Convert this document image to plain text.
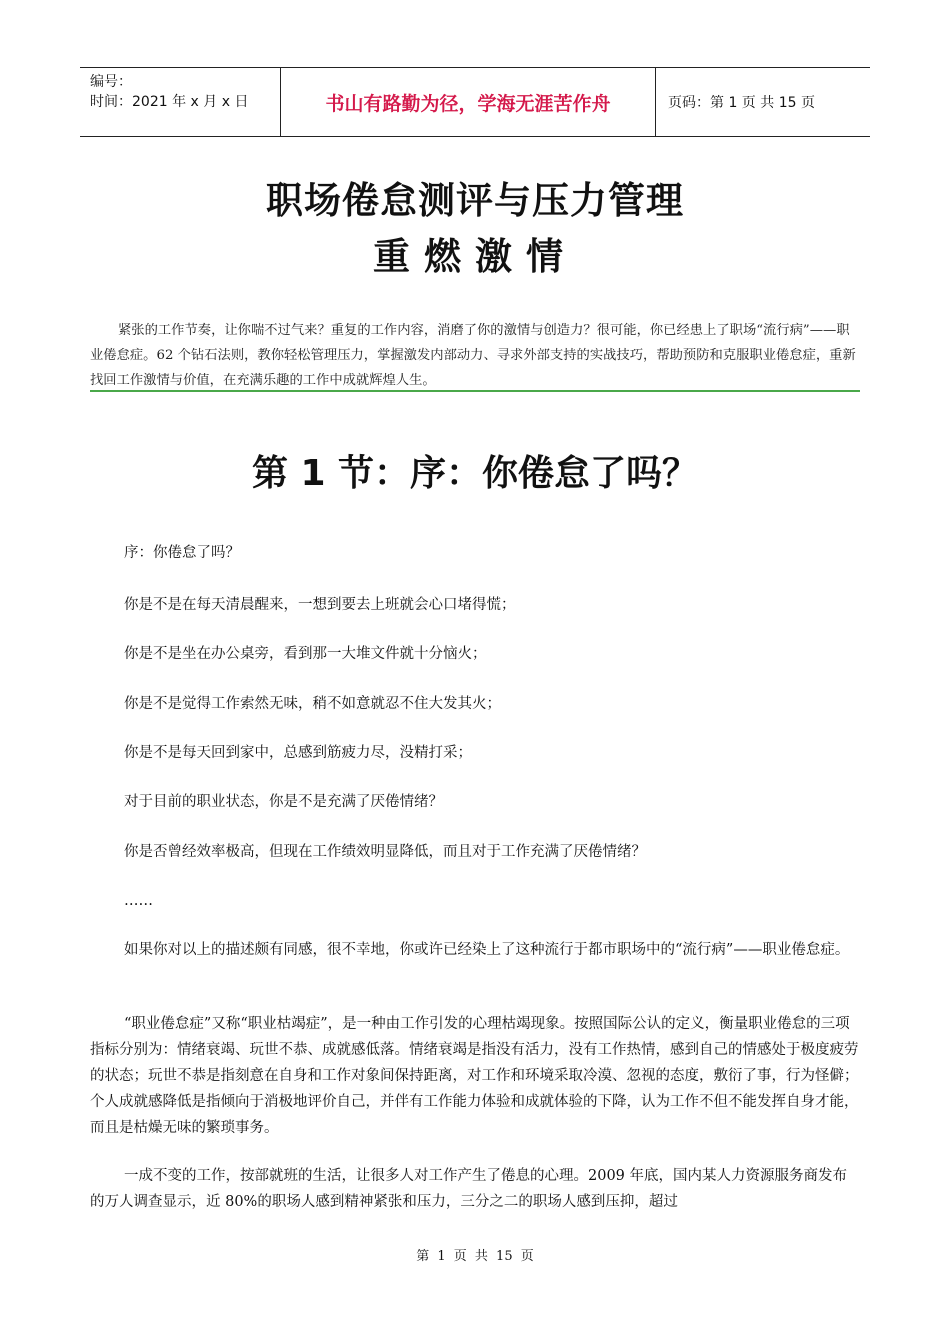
编号：
时间：2021 年 x 月 x 日	书山有路勤为径，学海无涯苦作舟	页码：第 1 页 共 15 页
职场倦怠测评与压力管理
重燃激情
紧张的工作节奏，让你喘不过气来？重复的工作内容，消磨了你的激情与创造力？很可能，你已经患上了职场“流行病”——职业倦怠症。62 个钻石法则，教你轻松管理压力，掌握激发内部动力、寻求外部支持的实战技巧，帮助预防和克服职业倦怠症，重新找回工作激情与价值，在充满乐趣的工作中成就辉煌人生。
第 1 节：序：你倦怠了吗？
序：你倦怠了吗？
你是不是在每天清晨醒来，一想到要去上班就会心口堵得慌；
你是不是坐在办公桌旁，看到那一大堆文件就十分恼火；
你是不是觉得工作索然无味，稍不如意就忍不住大发其火；
你是不是每天回到家中，总感到筋疲力尽，没精打采；
对于目前的职业状态，你是不是充满了厌倦情绪？
你是否曾经效率极高，但现在工作绩效明显降低，而且对于工作充满了厌倦情绪？
……
如果你对以上的描述颇有同感，很不幸地，你或许已经染上了这种流行于都市职场中的“流行病”——职业倦怠症。
“职业倦怠症”又称“职业枯竭症”，是一种由工作引发的心理枯竭现象。按照国际公认的定义，衡量职业倦怠的三项指标分别为：情绪衰竭、玩世不恭、成就感低落。情绪衰竭是指没有活力，没有工作热情，感到自己的情感处于极度疲劳的状态；玩世不恭是指刻意在自身和工作对象间保持距离，对工作和环境采取冷漠、忽视的态度，敷衍了事，行为怪僻；个人成就感降低是指倾向于消极地评价自己，并伴有工作能力体验和成就体验的下降，认为工作不但不能发挥自身才能，而且是枯燥无味的繁琐事务。
一成不变的工作，按部就班的生活，让很多人对工作产生了倦息的心理。2009 年底，国内某人力资源服务商发布的万人调查显示，近 80%的职场人感到精神紧张和压力，三分之二的职场人感到压抑，超过
第 1 页 共 15 页
